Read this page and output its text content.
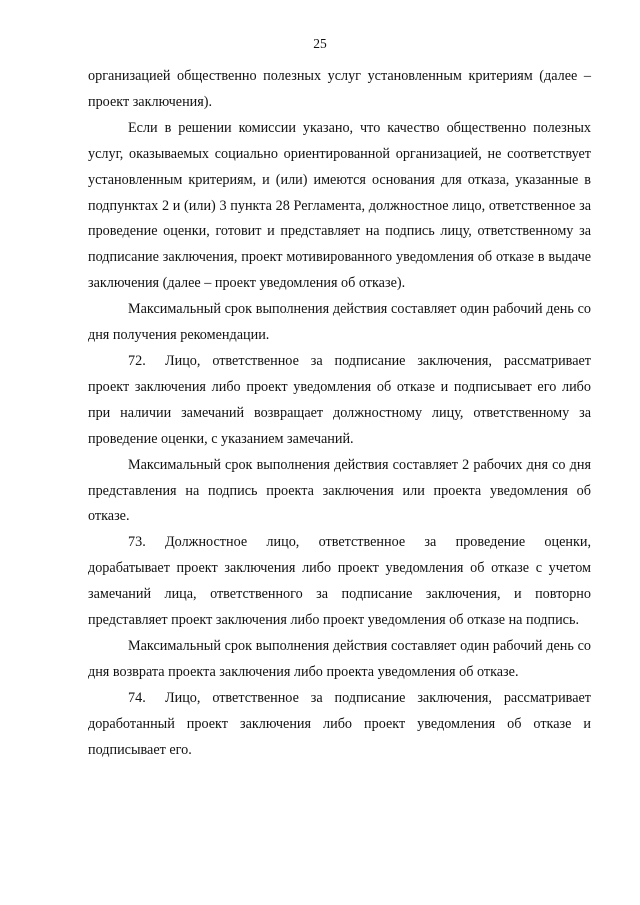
25

организацией общественно полезных услуг установленным критериям (далее – проект заключения).

Если в решении комиссии указано, что качество общественно полезных услуг, оказываемых социально ориентированной организацией, не соответствует установленным критериям, и (или) имеются основания для отказа, указанные в подпунктах 2 и (или) 3 пункта 28 Регламента, должностное лицо, ответственное за проведение оценки, готовит и представляет на подпись лицу, ответственному за подписание заключения, проект мотивированного уведомления об отказе в выдаче заключения (далее – проект уведомления об отказе).

Максимальный срок выполнения действия составляет один рабочий день со дня получения рекомендации.

72. Лицо, ответственное за подписание заключения, рассматривает проект заключения либо проект уведомления об отказе и подписывает его либо при наличии замечаний возвращает должностному лицу, ответственному за проведение оценки, с указанием замечаний.

Максимальный срок выполнения действия составляет 2 рабочих дня со дня представления на подпись проекта заключения или проекта уведомления об отказе.

73. Должностное лицо, ответственное за проведение оценки, дорабатывает проект заключения либо проект уведомления об отказе с учетом замечаний лица, ответственного за подписание заключения, и повторно представляет проект заключения либо проект уведомления об отказе на подпись.

Максимальный срок выполнения действия составляет один рабочий день со дня возврата проекта заключения либо проекта уведомления об отказе.

74. Лицо, ответственное за подписание заключения, рассматривает доработанный проект заключения либо проект уведомления об отказе и подписывает его.
